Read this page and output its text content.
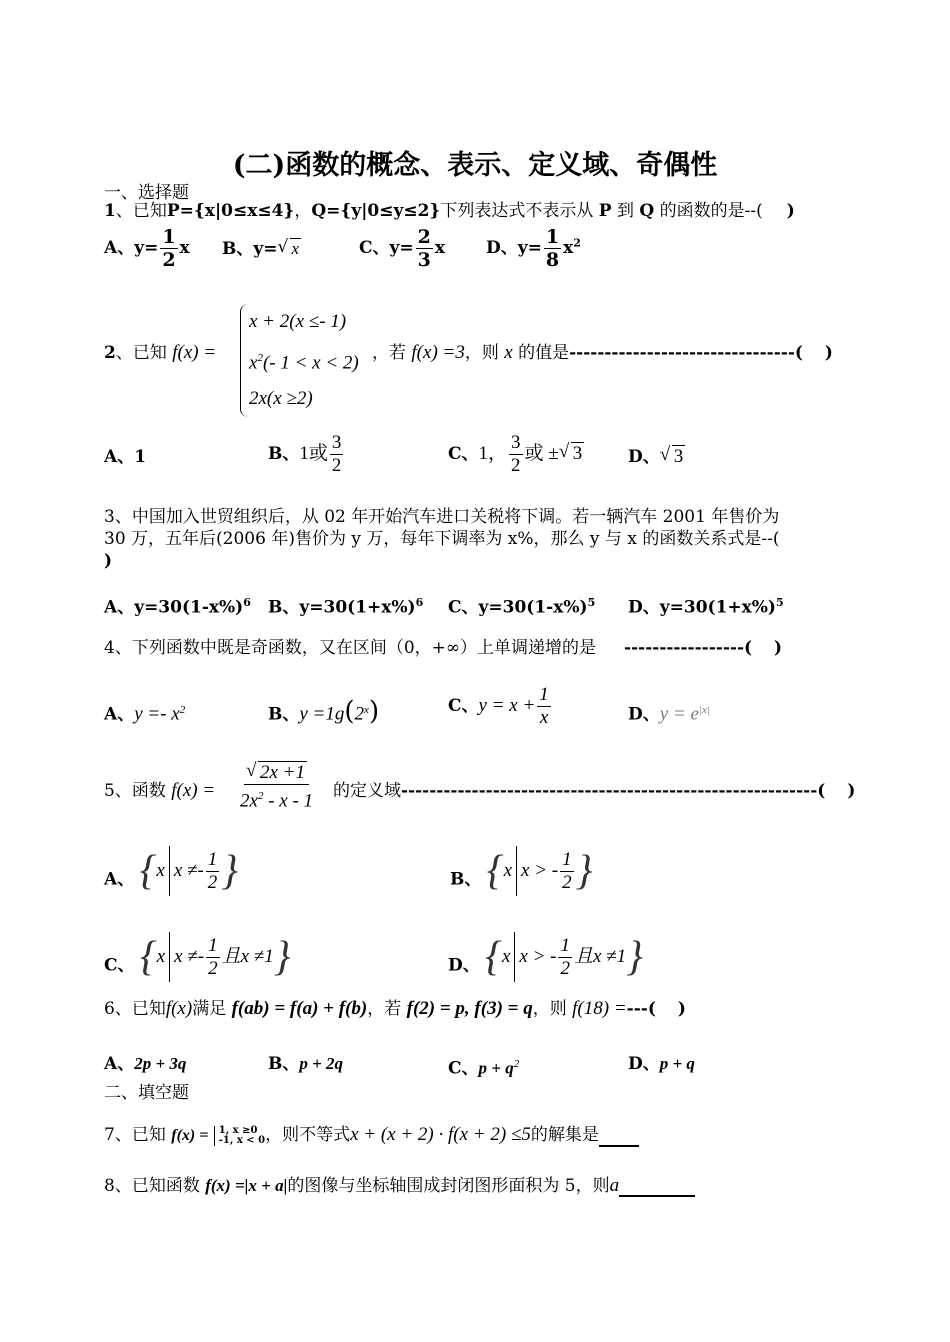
(二)函数的概念、表示、定义域、奇偶性
一、选择题
1、已知P={x|0≤x≤4}，Q={y|0≤y≤2}下列表达式不表示从 P 到 Q 的函数的是--( )
A、$y= \frac{1}{2}$ x B、y= √ x	C、$y= \frac{2}{3}$ x D、$y= \frac{1}{8} x^2$
2、已知 f(x) =
x + 2(x ≤- 1)
$x^2(-$ 1 < x < 2)
2x(x ≥2)
，若 f(x) =3，则 x 的值是--------------------------------( )
A、1	B、1或 $\frac{3}{2}$	C、1， $\frac{3}{2}$ 或 ± √ 3	D、 √ 3
3、中国加入世贸组织后，从 02 年开始汽车进口关税将下调。若一辆汽车 2001 年售价为
30 万，五年后(2006 年)售价为 y 万，每年下调率为 x%，那么 y 与 x 的函数关系式是--(
)
A、$y=30(1-x\%)^6$ B、$y=30(1+x\%)^6$ C、$y=30(1-x\%)^5$ D、$y=30(1+x\%)^5$
4、下列函数中既是奇函数，又在区间（0，+∞）上单调递增的是 -----------------( )
A、$y =- x^2$	B、$y =1g(2^x)$	C、$y = x + \frac{1}{x}$	D、$y = e^{|x|}$
5、函数 $f(x) = \frac{√ 2x +1}{2x^2 - x - 1}$ 的定义域-----------------------------------------------------------( )
A、 { x $x \ne- \frac{1}{2}$ }	B、 { x x > - $\frac{1}{2}$ }
C、 { x $x \ne- \frac{1}{2}$ 且x ≠1 }	D、 { x x > - $\frac{1}{2}$ 且x ≠1 }
6、已知f(x)满足 f(ab) = f(a) + f(b)，若 f(2) = p, f(3) = q，则 f(18) =---( )
A、2p + 3q	B、p + 2q	C、$p + q^2$	D、p + q
二、填空题
7、已知 f(x) = 1, x ≥0
-1, x < 0 ，则不等式x + (x + 2) · f(x + 2) ≤5的解集是
8、已知函数 f(x) =|x + a|的图像与坐标轴围成封闭图形面积为 5，则a
